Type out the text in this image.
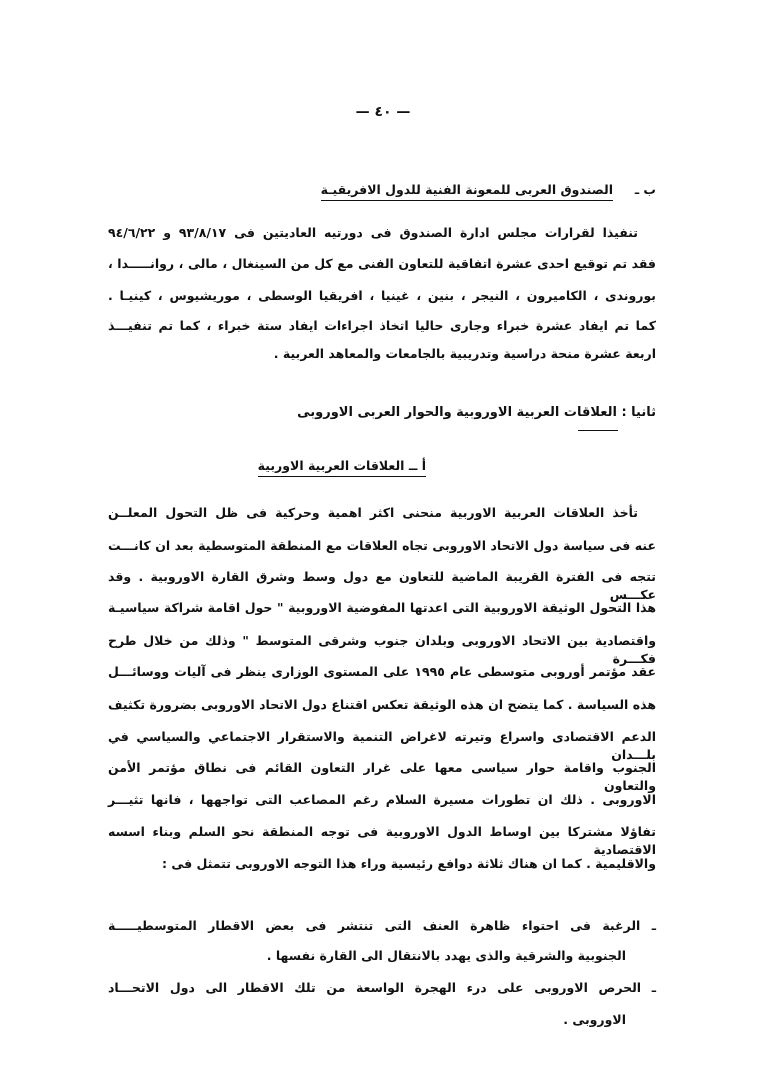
— ٤٠ —
ب ـ     الصندوق العربى للمعونة الفنية للدول الافريقيـة
تنفيذا لقرارات مجلس ادارة الصندوق فى دورتيه العاديتين فى ٩٣/٨/١٧ و ٩٤/٦/٢٢
فقد تم توقيع احدى عشرة اتفاقية للتعاون الفنى مع كل من السينغال ، مالى ، روانـــــدا ،
بوروندى ، الكاميرون ، النيجر ، بنين ، غينيا ، افريقيا الوسطى ، موريشيوس ، كينيـا .
كما تم ايفاد عشرة خبراء وجارى حاليا اتخاذ اجراءات ايفاد ستة خبراء ، كما تم تنفيـــذ
اربعة عشرة منحة دراسية وتدريبية بالجامعات والمعاهد العربية .
ثانيا : العلاقات العربية الاوروبية والحوار العربى الاوروبى
أ ــ العلاقات العربية الاوربية
تأخذ العلاقات العربية الاوربية منحنى اكثر اهمية وحركية فى ظل التحول المعلــن
عنه فى سياسة دول الاتحاد الاوروبى تجاه العلاقات مع المنطقة المتوسطية بعد ان كانـــت
تتجه فى الفترة القريبة الماضية للتعاون مع دول وسط وشرق القارة الاوروبية . وقد عكـــس
هذا التحول الوثيقة الاوروبية التى اعدتها المفوضية الاوروبية " حول اقامة شراكة سياسيـة
واقتصادية بين الاتحاد الاوروبى وبلدان جنوب وشرقى المتوسط " وذلك من خلال طرح فكـــرة
عقد مؤتمر أوروبى متوسطى عام ١٩٩٥ على المستوى الوزارى ينظر فى آليات ووسائـــل
هذه السياسة . كما يتضح ان هذه الوثيقة تعكس اقتناع دول الاتحاد الاوروبى بضرورة تكثيف
الدعم الاقتصادى واسراع وتيرته لاغراض التنمية والاستقرار الاجتماعي والسياسي في بلـــدان
الجنوب واقامة حوار سياسى معها على غرار التعاون القائم فى نطاق مؤتمر الأمن والتعاون
الاوروبى . ذلك ان تطورات مسيرة السلام رغم المصاعب التى تواجهها ، فانها تثيـــر
تفاؤلا مشتركا بين اوساط الدول الاوروبية فى توجه المنطقة نحو السلم وبناء اسسه الاقتصادية
والاقليمية . كما ان هناك ثلاثة دوافع رئيسية وراء هذا التوجه الاوروبى تتمثل فى :
ـ الرغبة فى احتواء ظاهرة العنف التى تنتشر فى بعض الاقطار المتوسطيـــــة
الجنوبية والشرقية والذى يهدد بالانتقال الى القارة نفسها .
ـ الحرص الاوروبى على درء الهجرة الواسعة من تلك الاقطار الى دول الاتحـــاد
الاوروبى .
